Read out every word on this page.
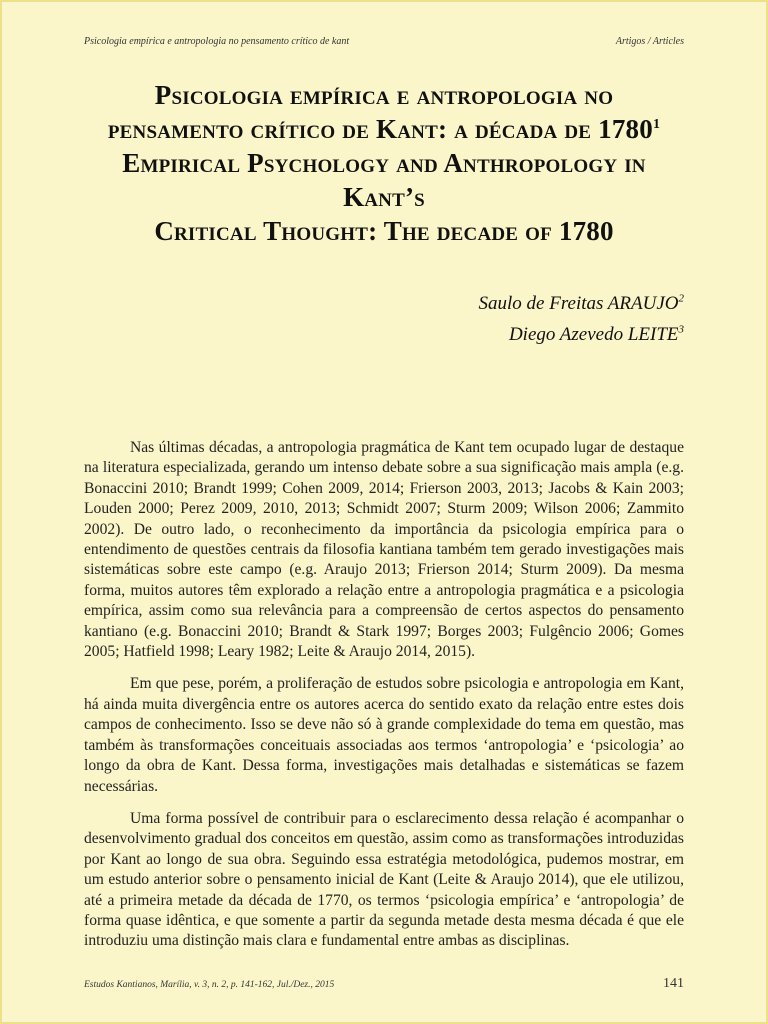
Psicologia empírica e antropologia no pensamento crítico de kant	Artigos / Articles
Psicologia empírica e antropologia no
pensamento crítico de Kant: a década de 1780$^1$
Empirical Psychology and Anthropology in Kant’s
Critical Thought: The decade of 1780
Saulo de Freitas ARAUJO$^2$
Diego Azevedo LEITE$^3$

Nas últimas décadas, a antropologia pragmática de Kant tem ocupado lugar de destaque na literatura especializada, gerando um intenso debate sobre a sua significação mais ampla (e.g. Bonaccini 2010; Brandt 1999; Cohen 2009, 2014; Frierson 2003, 2013; Jacobs & Kain 2003; Louden 2000; Perez 2009, 2010, 2013; Schmidt 2007; Sturm 2009; Wilson 2006; Zammito 2002). De outro lado, o reconhecimento da importância da psicologia empírica para o entendimento de questões centrais da filosofia kantiana também tem gerado investigações mais sistemáticas sobre este campo (e.g. Araujo 2013; Frierson 2014; Sturm 2009). Da mesma forma, muitos autores têm explorado a relação entre a antropologia pragmática e a psicologia empírica, assim como sua relevância para a compreensão de certos aspectos do pensamento kantiano (e.g. Bonaccini 2010; Brandt & Stark 1997; Borges 2003; Fulgêncio 2006; Gomes 2005; Hatfield 1998; Leary 1982; Leite & Araujo 2014, 2015).

Em que pese, porém, a proliferação de estudos sobre psicologia e antropologia em Kant, há ainda muita divergência entre os autores acerca do sentido exato da relação entre estes dois campos de conhecimento. Isso se deve não só à grande complexidade do tema em questão, mas também às transformações conceituais associadas aos termos ‘antropologia’ e ‘psicologia’ ao longo da obra de Kant. Dessa forma, investigações mais detalhadas e sistemáticas se fazem necessárias.

Uma forma possível de contribuir para o esclarecimento dessa relação é acompanhar o desenvolvimento gradual dos conceitos em questão, assim como as transformações introduzidas por Kant ao longo de sua obra. Seguindo essa estratégia metodológica, pudemos mostrar, em um estudo anterior sobre o pensamento inicial de Kant (Leite & Araujo 2014), que ele utilizou, até a primeira metade da década de 1770, os termos ‘psicologia empírica’ e ‘antropologia’ de forma quase idêntica, e que somente a partir da segunda metade desta mesma década é que ele introduziu uma distinção mais clara e fundamental entre ambas as disciplinas.

Estudos Kantianos, Marília, v. 3, n. 2, p. 141-162, Jul./Dez., 2015	141
